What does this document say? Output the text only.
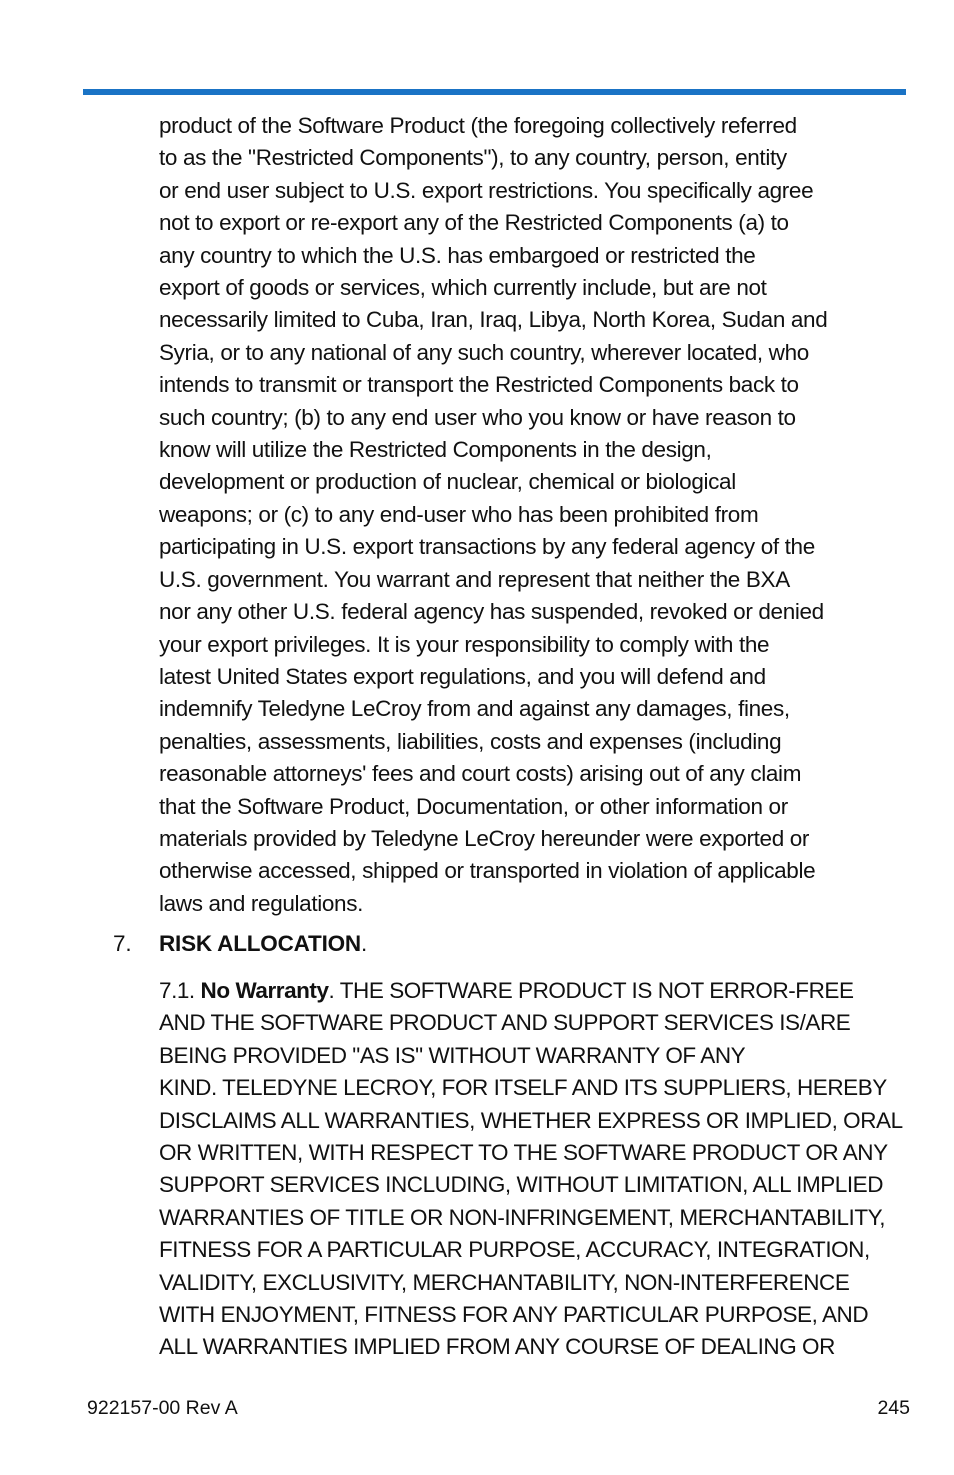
product of the Software Product (the foregoing collectively referred
to as the "Restricted Components"), to any country, person, entity
or end user subject to U.S. export restrictions. You specifically agree
not to export or re-export any of the Restricted Components (a) to
any country to which the U.S. has embargoed or restricted the
export of goods or services, which currently include, but are not
necessarily limited to Cuba, Iran, Iraq, Libya, North Korea, Sudan and
Syria, or to any national of any such country, wherever located, who
intends to transmit or transport the Restricted Components back to
such country; (b) to any end user who you know or have reason to
know will utilize the Restricted Components in the design,
development or production of nuclear, chemical or biological
weapons; or (c) to any end-user who has been prohibited from
participating in U.S. export transactions by any federal agency of the
U.S. government. You warrant and represent that neither the BXA
nor any other U.S. federal agency has suspended, revoked or denied
your export privileges. It is your responsibility to comply with the
latest United States export regulations, and you will defend and
indemnify Teledyne LeCroy from and against any damages, fines,
penalties, assessments, liabilities, costs and expenses (including
reasonable attorneys' fees and court costs) arising out of any claim
that the Software Product, Documentation, or other information or
materials provided by Teledyne LeCroy hereunder were exported or
otherwise accessed, shipped or transported in violation of applicable
laws and regulations.
7. RISK ALLOCATION.
7.1. No Warranty. THE SOFTWARE PRODUCT IS NOT ERROR-FREE
AND THE SOFTWARE PRODUCT AND SUPPORT SERVICES IS/ARE
BEING PROVIDED "AS IS" WITHOUT WARRANTY OF ANY
KIND. TELEDYNE LECROY, FOR ITSELF AND ITS SUPPLIERS, HEREBY
DISCLAIMS ALL WARRANTIES, WHETHER EXPRESS OR IMPLIED, ORAL
OR WRITTEN, WITH RESPECT TO THE SOFTWARE PRODUCT OR ANY
SUPPORT SERVICES INCLUDING, WITHOUT LIMITATION, ALL IMPLIED
WARRANTIES OF TITLE OR NON-INFRINGEMENT, MERCHANTABILITY,
FITNESS FOR A PARTICULAR PURPOSE, ACCURACY, INTEGRATION,
VALIDITY, EXCLUSIVITY, MERCHANTABILITY, NON-INTERFERENCE
WITH ENJOYMENT, FITNESS FOR ANY PARTICULAR PURPOSE, AND
ALL WARRANTIES IMPLIED FROM ANY COURSE OF DEALING OR
922157-00 Rev A	245
